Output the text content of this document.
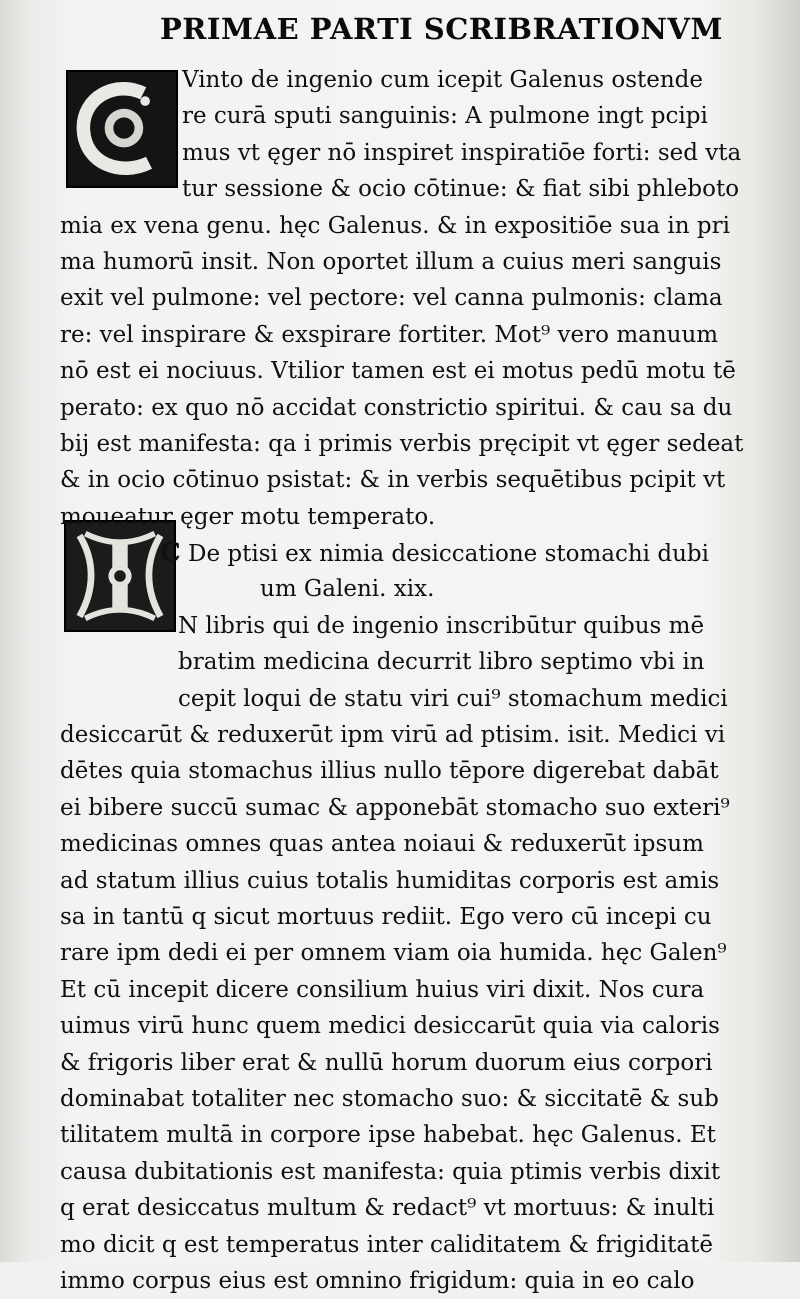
PRIMAE PARTI SCRIBRATIONVM
Vinto de ingenio cum icepit Galenus ostende
re curā sputi sanguinis: A pulmone ingt pcipi
mus vt ęger nō inspiret inspiratiōe forti: sed vta
tur sessione & ocio cōtinue: & fiat sibi phleboto
mia ex vena genu. hęc Galenus. & in expositiōe sua in pri
ma humorū insit. Non oportet illum a cuius meri sanguis
exit vel pulmone: vel pectore: vel canna pulmonis: clama
re: vel inspirare & exspirare fortiter. Mot⁹ vero manuum
nō est ei nociuus. Vtilior tamen est ei motus pedū motu tē
perato: ex quo nō accidat constrictio spiritui. & cau sa du
bij est manifesta: qa i primis verbis pręcipit vt ęger sedeat
& in ocio cōtinuo psistat: & in verbis sequētibus pcipit vt
moueatur ęger motu temperato.
C De ptisi ex nimia desiccatione stomachi dubi
um Galeni. xix.
N libris qui de ingenio inscribūtur quibus mē
bratim medicina decurrit libro septimo vbi in
cepit loqui de statu viri cui⁹ stomachum medici
desiccarūt & reduxerūt ipm virū ad ptisim. isit. Medici vi
dētes quia stomachus illius nullo tēpore digerebat dabāt
ei bibere succū sumac & apponebāt stomacho suo exteri⁹
medicinas omnes quas antea noiaui & reduxerūt ipsum
ad statum illius cuius totalis humiditas corporis est amis
sa in tantū q sicut mortuus rediit. Ego vero cū incepi cu
rare ipm dedi ei per omnem viam oia humida. hęc Galen⁹
Et cū incepit dicere consilium huius viri dixit. Nos cura
uimus virū hunc quem medici desiccarūt quia via caloris
& frigoris liber erat & nullū horum duorum eius corpori
dominabat totaliter nec stomacho suo: & siccitatē & sub
tilitatem multā in corpore ipse habebat. hęc Galenus. Et
causa dubitationis est manifesta: quia ptimis verbis dixit
q erat desiccatus multum & redact⁹ vt mortuus: & inulti
mo dicit q est temperatus inter caliditatem & frigiditatē
immo corpus eius est omnino frigidum: quia in eo calo
